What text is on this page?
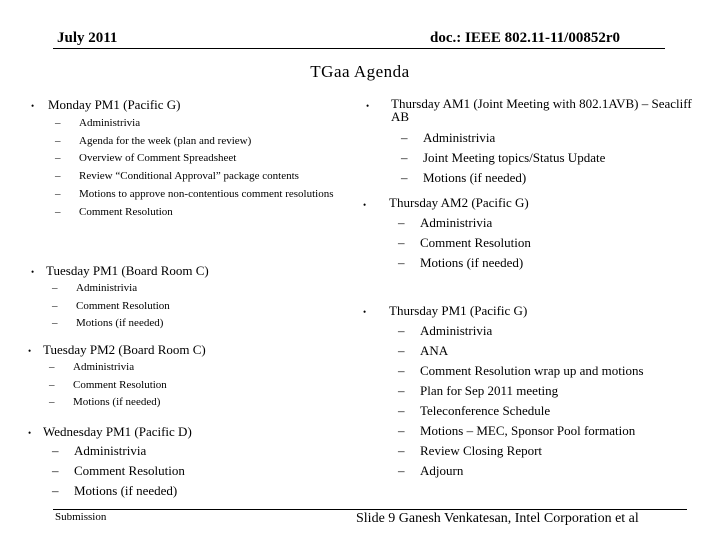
July 2011	doc.: IEEE 802.11-11/00852r0
TGaa Agenda
• Monday PM1 (Pacific G)
– Administrivia
– Agenda for the week (plan and review)
– Overview of Comment Spreadsheet
– Review “Conditional Approval” package contents
– Motions to approve non-contentious comment resolutions
– Comment Resolution
• Tuesday PM1 (Board Room C)
– Administrivia
– Comment Resolution
– Motions (if needed)
• Tuesday PM2 (Board Room C)
– Administrivia
– Comment Resolution
– Motions (if needed)
• Wednesday PM1 (Pacific D)
– Administrivia
– Comment Resolution
– Motions (if needed)
• Thursday AM1 (Joint Meeting with 802.1AVB) – Seacliff AB
– Administrivia
– Joint Meeting topics/Status Update
– Motions (if needed)
• Thursday AM2 (Pacific G)
– Administrivia
– Comment Resolution
– Motions (if needed)
• Thursday PM1 (Pacific G)
– Administrivia
– ANA
– Comment Resolution wrap up and motions
– Plan for Sep 2011 meeting
– Teleconference Schedule
– Motions – MEC, Sponsor Pool formation
– Review Closing Report
– Adjourn
Submission	Slide 9 Ganesh Venkatesan, Intel Corporation et al
